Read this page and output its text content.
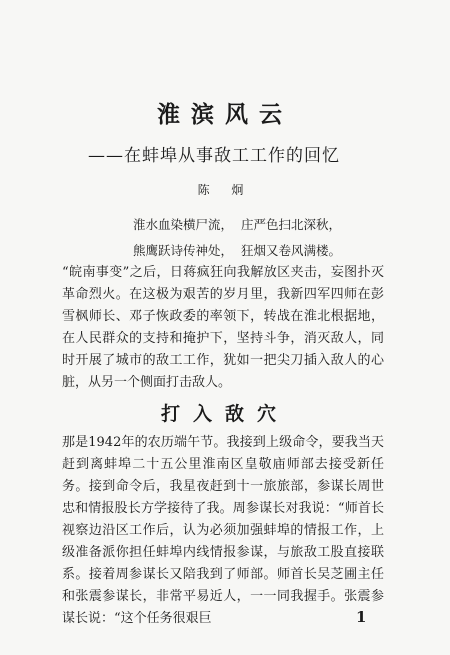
淮滨风云
——在蚌埠从事敌工工作的回忆
陈 炯
淮水血染横尸流， 庄严色扫北深秋，
熊鹰跃诗传神处， 狂烟又卷风满楼。
“皖南事变”之后，日蒋疯狂向我解放区夹击，妄图扑灭革命烈火。在这极为艰苦的岁月里，我新四军四师在彭雪枫师长、邓子恢政委的率领下，转战在淮北根据地，在人民群众的支持和掩护下，坚持斗争，消灭敌人，同时开展了城市的敌工工作，犹如一把尖刀插入敌人的心脏，从另一个侧面打击敌人。
打入敌穴
那是1942年的农历端午节。我接到上级命令，要我当天赶到离蚌埠二十五公里淮南区皇敬庙师部去接受新任务。接到命令后，我星夜赶到十一旅旅部，参谋长周世忠和情报股长方学接待了我。周参谋长对我说：“师首长视察边沿区工作后，认为必须加强蚌埠的情报工作，上级准备派你担任蚌埠内线情报参谋，与旅敌工股直接联系。接着周参谋长又陪我到了师部。师首长吴芝圃主任和张震参谋长，非常平易近人，一一同我握手。张震参谋长说：“这个任务很艰巨	1
